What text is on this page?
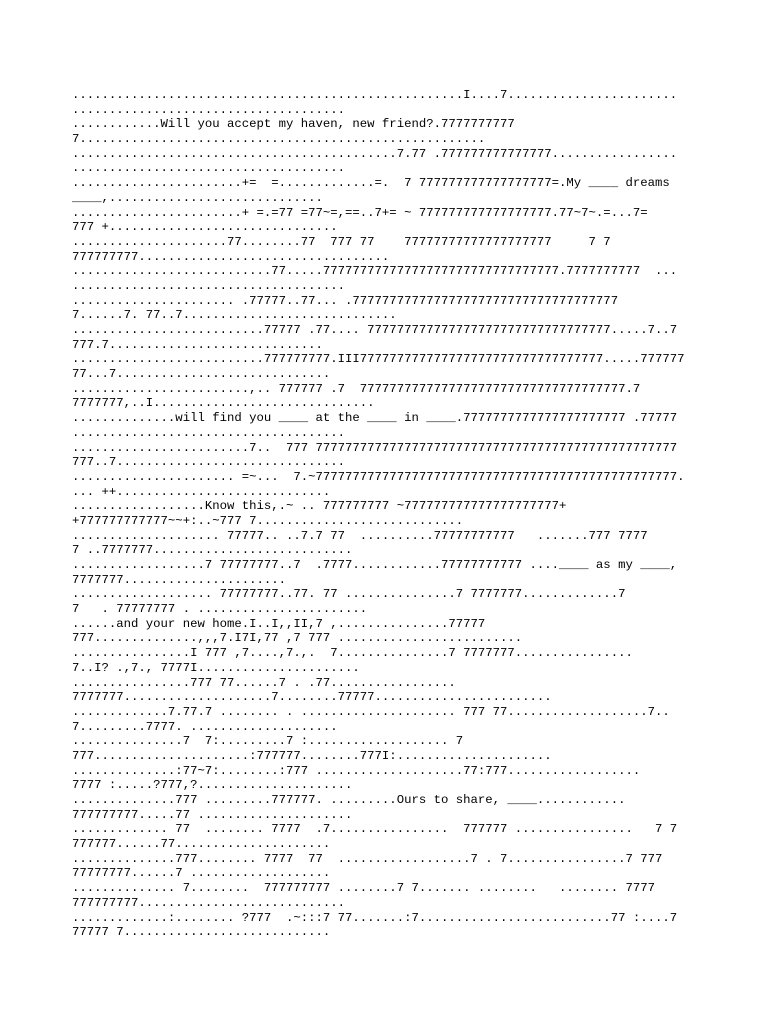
.....................................................I....7.......................
.....................................
............Will you accept my haven, new friend?.7777777777
7.......................................................
............................................7.77 .777777777777777.................
.....................................
.......................+=  =.............=.  7 777777777777777777=.My ____ dreams
____,.............................
.......................+ =.=77 =77~=,==..7+= ~ 777777777777777777.77~7~.=...7=
777 +...............................
.....................77........77  777 77    77777777777777777777     7 7
777777777..................................
...........................77.....77777777777777777777777777777777.7777777777  ...
.....................................
...................... .77777..77... .777777777777777777777777777777777777
7......7. 77..7.............................
..........................77777 .77.... 777777777777777777777777777777777.....7..7
777.7.............................
..........................777777777.III777777777777777777777777777777777.....777777
77...7.............................
........................,.. 777777 .7  777777777777777777777777777777777777.7
7777777,..I..............................
..............will find you ____ at the ____ in ____.7777777777777777777777 .77777
.....................................
........................7..  777 7777777777777777777777777777777777777777777777777
777..7...............................
...................... =~...  7.~7777777777777777777777777777777777777777777777777.
... ++.............................
..................Know this,.~ .. 777777777 ~777777777777777777777+
+777777777777~~+:..~777 7............................
.................... 77777.. ..7.7 77  ..........77777777777   .......777 7777
7 ..7777777...........................
..................7 77777777..7  .7777............77777777777 ....____ as my ____,
7777777......................
................... 77777777..77. 77 ...............7 7777777.............7
7   . 77777777 . .......................
......and your new home.I..I,,II,7 ,...............77777
777..............,,,7.I7I,77 ,7 777 .........................
................I 777 ,7....,7.,.  7...............7 7777777................
7..I? .,7., 7777I......................
................777 77......7 . .77.................
7777777....................7........77777........................
.............7.77.7 ........ . ..................... 777 77...................7..
7.........7777. ....................
...............7  7:.........7 :................... 7
777.....................:777777........777I:.....................
..............:77~7:........:777 ....................77:777..................
7777 :.....?777,?.....................
..............777 .........777777. .........Ours to share, ____............
777777777.....77 .....................
............. 77  ........ 7777  .7................  777777 ................   7 7
777777......77.....................
..............777........ 7777  77  ..................7 . 7................7 777
77777777......7 ...................
.............. 7........  777777777 ........7 7....... ........   ........ 7777
777777777............................
.............:........ ?777  .~:::7 77.......:7..........................77 :....7
77777 7............................
